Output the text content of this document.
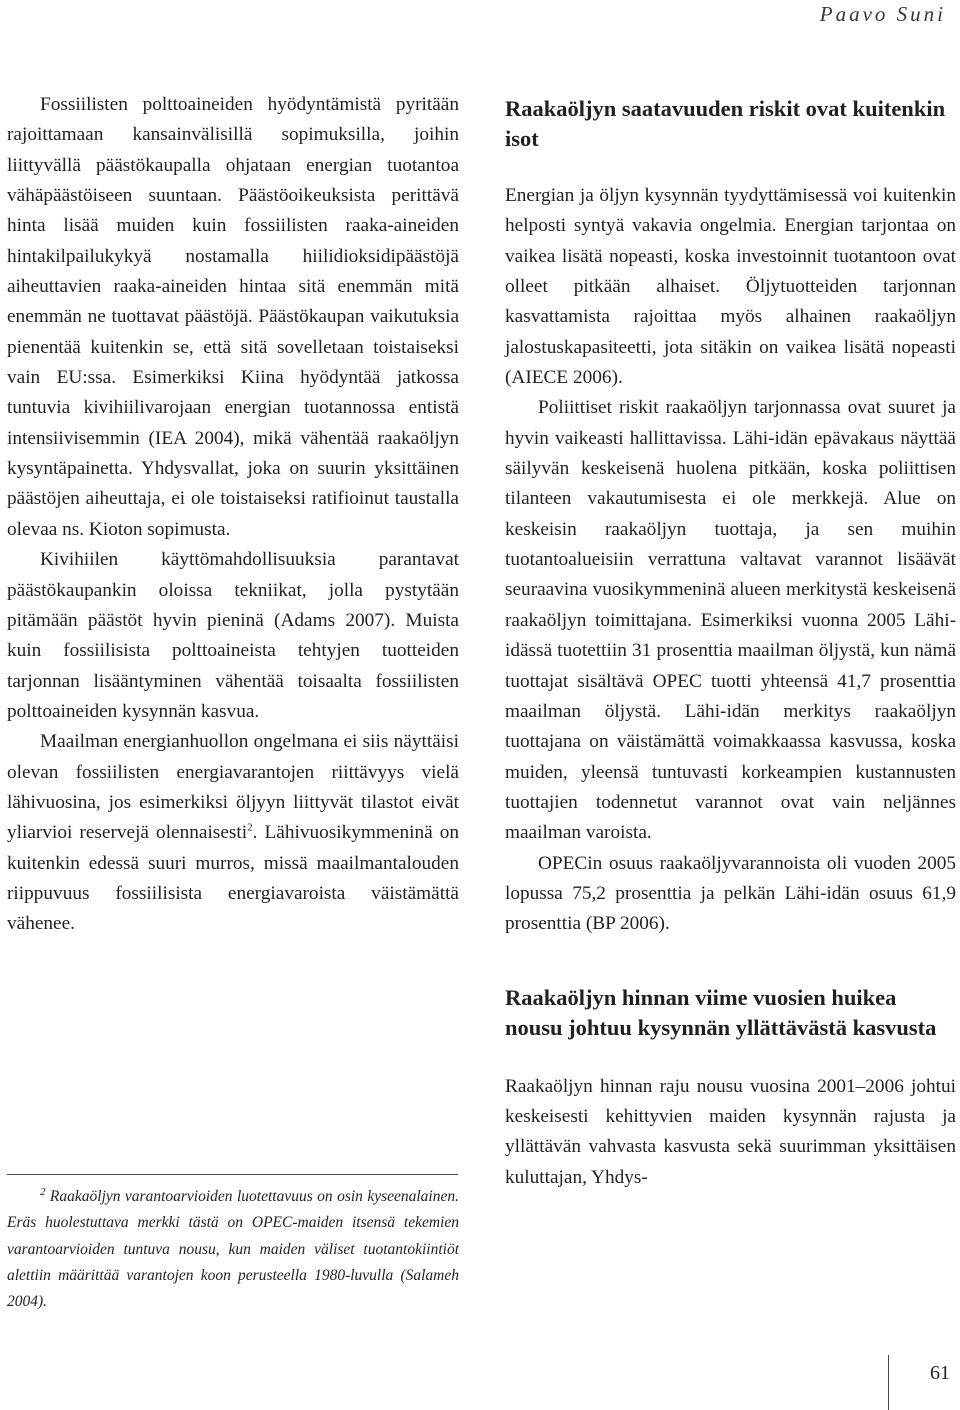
Paavo Suni

Fossiilisten polttoaineiden hyödyntämistä pyritään rajoittamaan kansainvälisillä sopimuksilla, joihin liittyvällä päästökaupalla ohjataan energian tuotantoa vähäpäästöiseen suuntaan. Päästöoikeuksista perittävä hinta lisää muiden kuin fossiilisten raaka-aineiden hintakilpailukykyä nostamalla hiilidioksidipäästöjä aiheuttavien raaka-aineiden hintaa sitä enemmän mitä enemmän ne tuottavat päästöjä. Päästökaupan vaikutuksia pienentää kuitenkin se, että sitä sovelletaan toistaiseksi vain EU:ssa. Esimerkiksi Kiina hyödyntää jatkossa tuntuvia kivihiilivarojaan energian tuotannossa entistä intensiivisemmin (IEA 2004), mikä vähentää raakaöljyn kysyntäpainetta. Yhdysvallat, joka on suurin yksittäinen päästöjen aiheuttaja, ei ole toistaiseksi ratifioinut taustalla olevaa ns. Kioton sopimusta.

Kivihiilen käyttömahdollisuuksia parantavat päästökaupankin oloissa tekniikat, jolla pystytään pitämään päästöt hyvin pieninä (Adams 2007). Muista kuin fossiilisista polttoaineista tehtyjen tuotteiden tarjonnan lisääntyminen vähentää toisaalta fossiilisten polttoaineiden kysynnän kasvua.

Maailman energianhuollon ongelmana ei siis näyttäisi olevan fossiilisten energiavarantojen riittävyys vielä lähivuosina, jos esimerkiksi öljyyn liittyvät tilastot eivät yliarvioi reservejä olennaisesti$^2$. Lähivuosikymmeninä on kuitenkin edessä suuri murros, missä maailmantalouden riippuvuus fossiilisista energiavaroista väistämättä vähenee.

$^2$ Raakaöljyn varantoarvioiden luotettavuus on osin kyseenalainen. Eräs huolestuttava merkki tästä on OPEC-maiden itsensä tekemien varantoarvioiden tuntuva nousu, kun maiden väliset tuotantokiintiöt alettiin määrittää varantojen koon perusteella 1980-luvulla (Salameh 2004).

Raakaöljyn saatavuuden riskit ovat kuitenkin isot

Energian ja öljyn kysynnän tyydyttämisessä voi kuitenkin helposti syntyä vakavia ongelmia. Energian tarjontaa on vaikea lisätä nopeasti, koska investoinnit tuotantoon ovat olleet pitkään alhaiset. Öljytuotteiden tarjonnan kasvattamista rajoittaa myös alhainen raakaöljyn jalostuskapasiteetti, jota sitäkin on vaikea lisätä nopeasti (AIECE 2006).

Poliittiset riskit raakaöljyn tarjonnassa ovat suuret ja hyvin vaikeasti hallittavissa. Lähi-idän epävakaus näyttää säilyvän keskeisenä huolena pitkään, koska poliittisen tilanteen vakautumisesta ei ole merkkejä. Alue on keskeisin raakaöljyn tuottaja, ja sen muihin tuotantoalueisiin verrattuna valtavat varannot lisäävät seuraavina vuosikymmeninä alueen merkitystä keskeisenä raakaöljyn toimittajana. Esimerkiksi vuonna 2005 Lähi-idässä tuotettiin 31 prosenttia maailman öljystä, kun nämä tuottajat sisältävä OPEC tuotti yhteensä 41,7 prosenttia maailman öljystä. Lähi-idän merkitys raakaöljyn tuottajana on väistämättä voimakkaassa kasvussa, koska muiden, yleensä tuntuvasti korkeampien kustannusten tuottajien todennetut varannot ovat vain neljännes maailman varoista.

OPECin osuus raakaöljyvarannoista oli vuoden 2005 lopussa 75,2 prosenttia ja pelkän Lähi-idän osuus 61,9 prosenttia (BP 2006).

Raakaöljyn hinnan viime vuosien huikea nousu johtuu kysynnän yllättävästä kasvusta

Raakaöljyn hinnan raju nousu vuosina 2001–2006 johtui keskeisesti kehittyvien maiden kysynnän rajusta ja yllättävän vahvasta kasvusta sekä suurimman yksittäisen kuluttajan, Yhdys-

61
